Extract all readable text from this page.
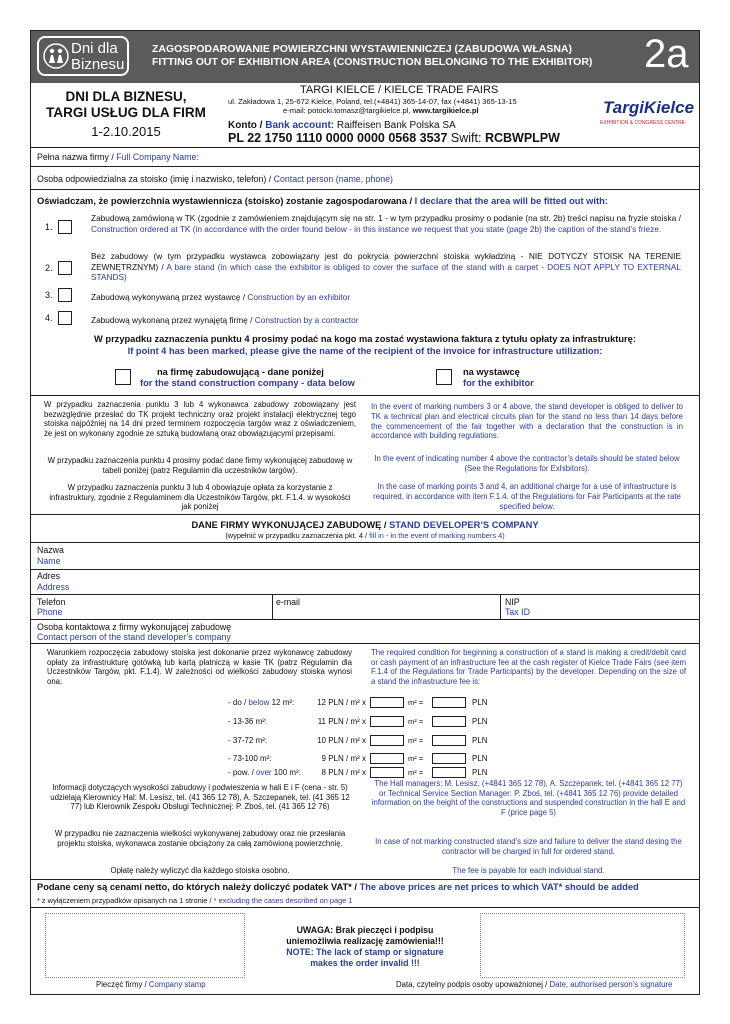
Dni dla
Biznesu
ZAGOSPODAROWANIE POWIERZCHNI WYSTAWIENNICZEJ (ZABUDOWA WŁASNA)
FITTING OUT OF EXHIBITION AREA (CONSTRUCTION BELONGING TO THE EXHIBITOR) 2a
DNI DLA BIZNESU,
TARGI USŁUG DLA FIRM
1-2.10.2015
TARGI KIELCE / KIELCE TRADE FAIRS
ul. Zakładowa 1, 25-672 Kielce, Poland, tel.(+4841) 365-14-07, fax (+4841) 365-13-15
e-mail: potocki.tomasz@targikielce.pl, www.targikielce.pl
Konto / Bank account: Raiffeisen Bank Polska SA
PL 22 1750 1110 0000 0000 0568 3537 Swift: RCBWPLPW
TargiKielce
EXHIBITION & CONGRESS CENTRE
Pełna nazwa firmy / Full Company Name:
Osoba odpowiedzialna za stoisko (imię i nazwisko, telefon) / Contact person (name, phone)
Oświadczam, że powierzchnia wystawiennicza (stoisko) zostanie zagospodarowana / I declare that the area will be fitted out with:
1.
Zabudową zamówioną w TK (zgodnie z zamówieniem znajdującym się na str. 1 - w tym przypadku prosimy o podanie (na str. 2b) treści napisu na fryzie stoiska / Construction ordered at TK (in accordance with the order found below - in this instance we request that you state (page 2b) the caption of the stand’s frieze.
2.
Bez zabudowy (w tym przypadku wystawca zobowiązany jest do pokrycia powierzchni stoiska wykładziną - NIE DOTYCZY STOISK NA TERENIE ZEWNĘTRZNYM) / A bare stand (in which case the exhibitor is obliged to cover the surface of the stand with a carpet - DOES NOT APPLY TO EXTERNAL STANDS)
3.	Zabudową wykonywaną przez wystawcę / Construction by an exhibitor
4.	Zabudową wykonaną przez wynajętą firmę / Construction by a contractor
W przypadku zaznaczenia punktu 4 prosimy podać na kogo ma zostać wystawiona faktura z tytułu opłaty za infrastrukturę:
If point 4 has been marked, please give the name of the recipient of the invoice for infrastructure utilization:
na firmę zabudowującą - dane poniżej
for the stand construction company - data below
na wystawcę
for the exhibitor
W przypadku zaznaczenia punktu 3 lub 4 wykonawca zabudowy zobowiązany jest bezwzględnie przesłać do TK projekt techniczny oraz projekt instalacji elektrycznej tego stoiska najpóźniej na 14 dni przed terminem rozpoczęcia targów wraz z oświadczeniem, że jest on wykonany zgodnie ze sztuką budowlaną oraz obowiązującymi przepisami.
W przypadku zaznaczenia punktu 4 prosimy podać dane firmy wykonującej zabudowę w tabeli poniżej (patrz Regulamin dla uczestników targów).
W przypadku zaznaczenia punktu 3 lub 4 obowiązuje opłata za korzystanie z infrastruktury, zgodnie z Regulaminem dla Uczestników Targów, pkt. F.1.4. w wysokości jak poniżej
In the event of marking numbers 3 or 4 above, the stand developer is obliged to deliver to TK a technical plan and electrical circuits plan for the stand no less than 14 days before the commencement of the fair together with a declaration that the construction is in accordance with building regulations.
In the event of indicating number 4 above the contractor’s details should be stated below (See the Regulations for Exhibitors).
In the case of marking points 3 and 4, an additional charge for a use of infrastructure is required, in accordance with item F.1.4. of the Regulations for Fair Participants at the rate specified below.
DANE FIRMY WYKONUJĄCEJ ZABUDOWĘ / STAND DEVELOPER’S COMPANY
(wypełnić w przypadku zaznaczenia pkt. 4 / fill in - in the event of marking numbers 4)
Nazwa
Name
Adres
Address
Telefon
Phone
e-mail	NIP
Tax ID
Osoba kontaktowa z firmy wykonującej zabudowę
Contact person of the stand developer’s company
Warunkiem rozpoczęcia zabudowy stoiska jest dokonanie przez wykonawcę zabudowy opłaty za infrastrukturę gotówką lub kartą płatniczą w kasie TK (patrz Regulamin dla Uczestników Targów, pkt. F.1.4). W zależności od wielkości zabudowy stoiska wynosi ona:
The required condition for beginning a construction of a stand is making a credit/debit card or cash payment of an infrastructure fee at the cash register of Kielce Trade Fairs (see item F.1.4 of the Regulations for Trade Participants) by the developer. Depending on the size of a stand the infrastructure fee is:
- do / below 12 m²:	12 PLN / m² x	m² =	PLN
- 13-36 m²:	11 PLN / m² x	m² =	PLN
- 37-72 m²:	10 PLN / m² x	m² =	PLN
- 73-100 m²:	9 PLN / m² x	m² =	PLN
- pow. / over 100 m²:	8 PLN / m² x	m² =	PLN
Informacji dotyczących wysokości zabudowy i podwieszenia w hali E i F (cena - str. 5) udzielają Kierownicy Hal: M. Lesisz, tel. (41 365 12 78), A. Szczepanek, tel. (41 365 12 77) lub Kierownik Zespołu Obsługi Technicznej: P. Zboś, tel. (41 365 12 76)
The Hall managers: M. Lesisz, (+4841 365 12 78), A. Szczepanek, tel. (+4841 365 12 77) or Technical Service Section Manager: P. Zboś, tel. (+4841 365 12 76) provide detailed information on the height of the constructions and suspended construction in the hall E and F (price page 5)
W przypadku nie zaznaczenia wielkości wykonywanej zabudowy oraz nie przesłania projektu stoiska, wykonawca zostanie obciążony za całą zamówioną powierzchnię.	In case of not marking constructed stand’s size and failure to deliver the stand desing the contractor will be charged in full for ordered stand.
Opłatę należy wyliczyć dla każdego stoiska osobno.	The fee is payable for each individual stand.
Podane ceny są cenami netto, do których należy doliczyć podatek VAT* / The above prices are net prices to which VAT* should be added
* z wyłączeniem przypadków opisanych na 1 stronie / * excluding the cases described on page 1
UWAGA: Brak pieczęci i podpisu
uniemożliwia realizację zamówienia!!!
NOTE: The lack of stamp or signature
makes the order invalid !!!
Pieczęć firmy / Company stamp	Data, czytelny podpis osoby upoważnionej / Date, authorised person’s signature
